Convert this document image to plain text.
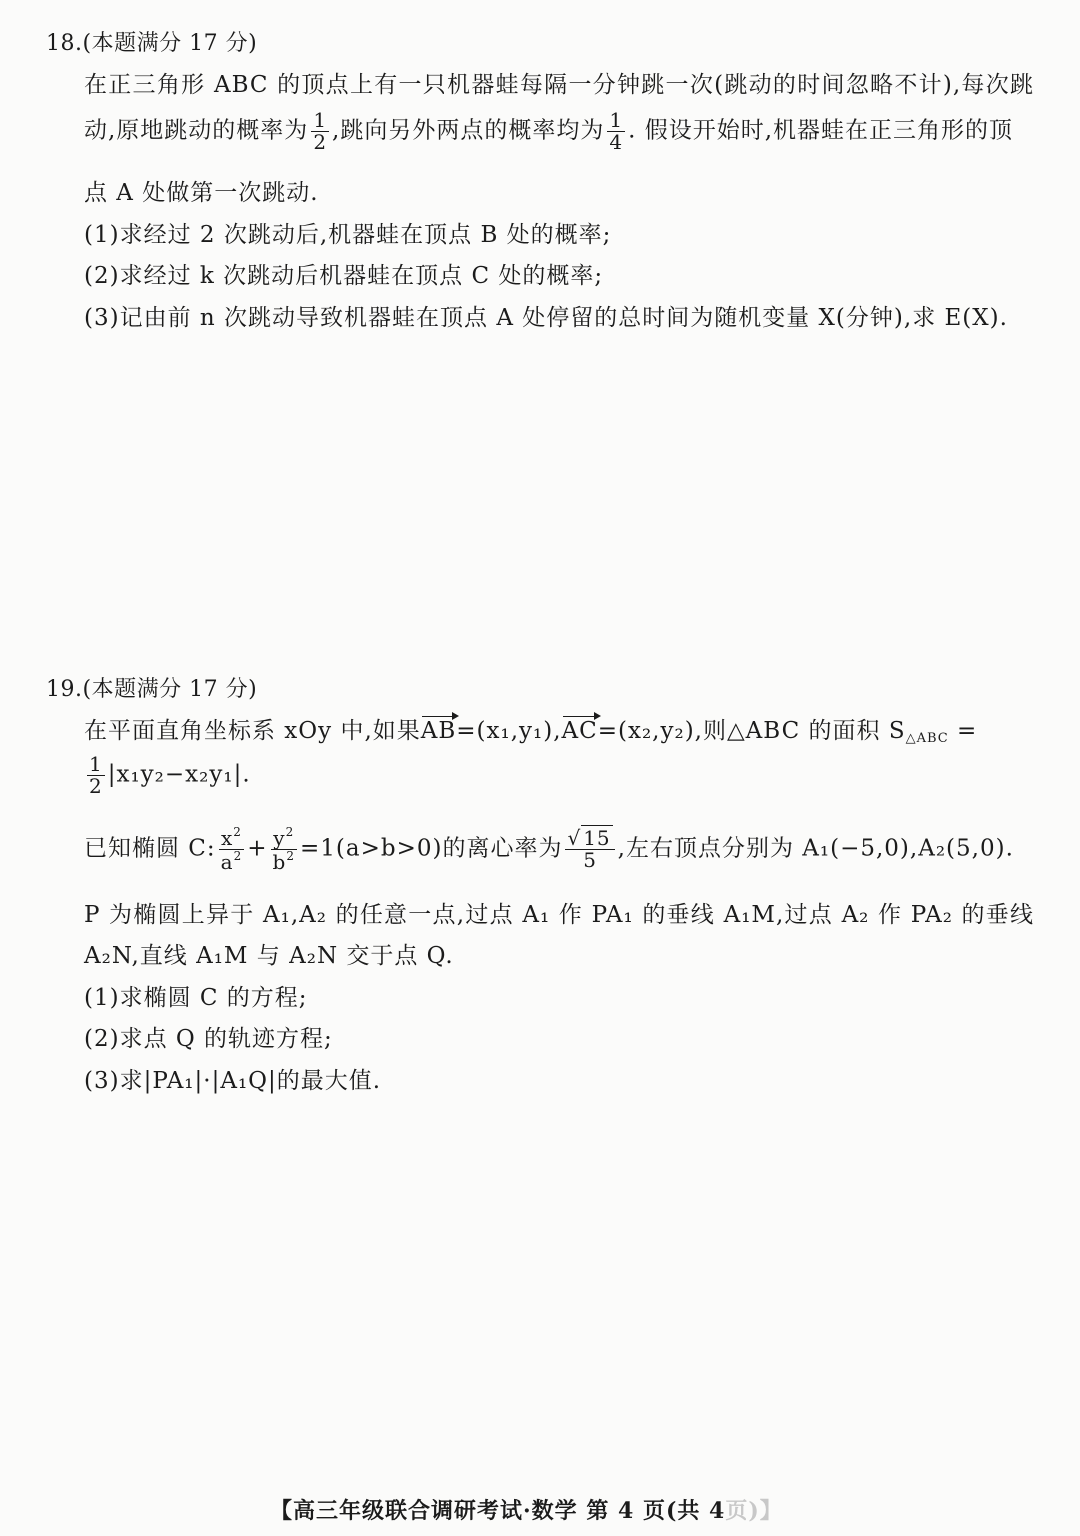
18.(本题满分 17 分)
在正三角形 ABC 的顶点上有一只机器蛙每隔一分钟跳一次(跳动的时间忽略不计),每次跳
动,原地跳动的概率为 $\frac{1}{2}$ ,跳向另外两点的概率均为 $\frac{1}{4}$ . 假设开始时,机器蛙在正三角形的顶
点 A 处做第一次跳动.
(1)求经过 2 次跳动后,机器蛙在顶点 B 处的概率;
(2)求经过 k 次跳动后机器蛙在顶点 C 处的概率;
(3)记由前 n 次跳动导致机器蛙在顶点 A 处停留的总时间为随机变量 X(分钟),求 E(X).
19.(本题满分 17 分)
在平面直角坐标系 xOy 中,如果AB=(x₁,y₁),AC=(x₂,y₂),则△ABC 的面积 $S_{\triangle ABC}$ =
$\frac{1}{2} |x_1y_2-x_2y_1|$.
已知椭圆 C: $\frac{x^2}{a^2} + \frac{y^2}{b^2} =1(a>b>0)$的离心率为 $\frac{√ 15}{5}$ ,左右顶点分别为 A₁(−5,0),A₂(5,0).
P 为椭圆上异于 A₁,A₂ 的任意一点,过点 A₁ 作 PA₁ 的垂线 A₁M,过点 A₂ 作 PA₂ 的垂线
A₂N,直线 A₁M 与 A₂N 交于点 Q.
(1)求椭圆 C 的方程;
(2)求点 Q 的轨迹方程;
(3)求|PA₁|·|A₁Q|的最大值.
【高三年级联合调研考试·数学 第 4 页(共 4页)】
